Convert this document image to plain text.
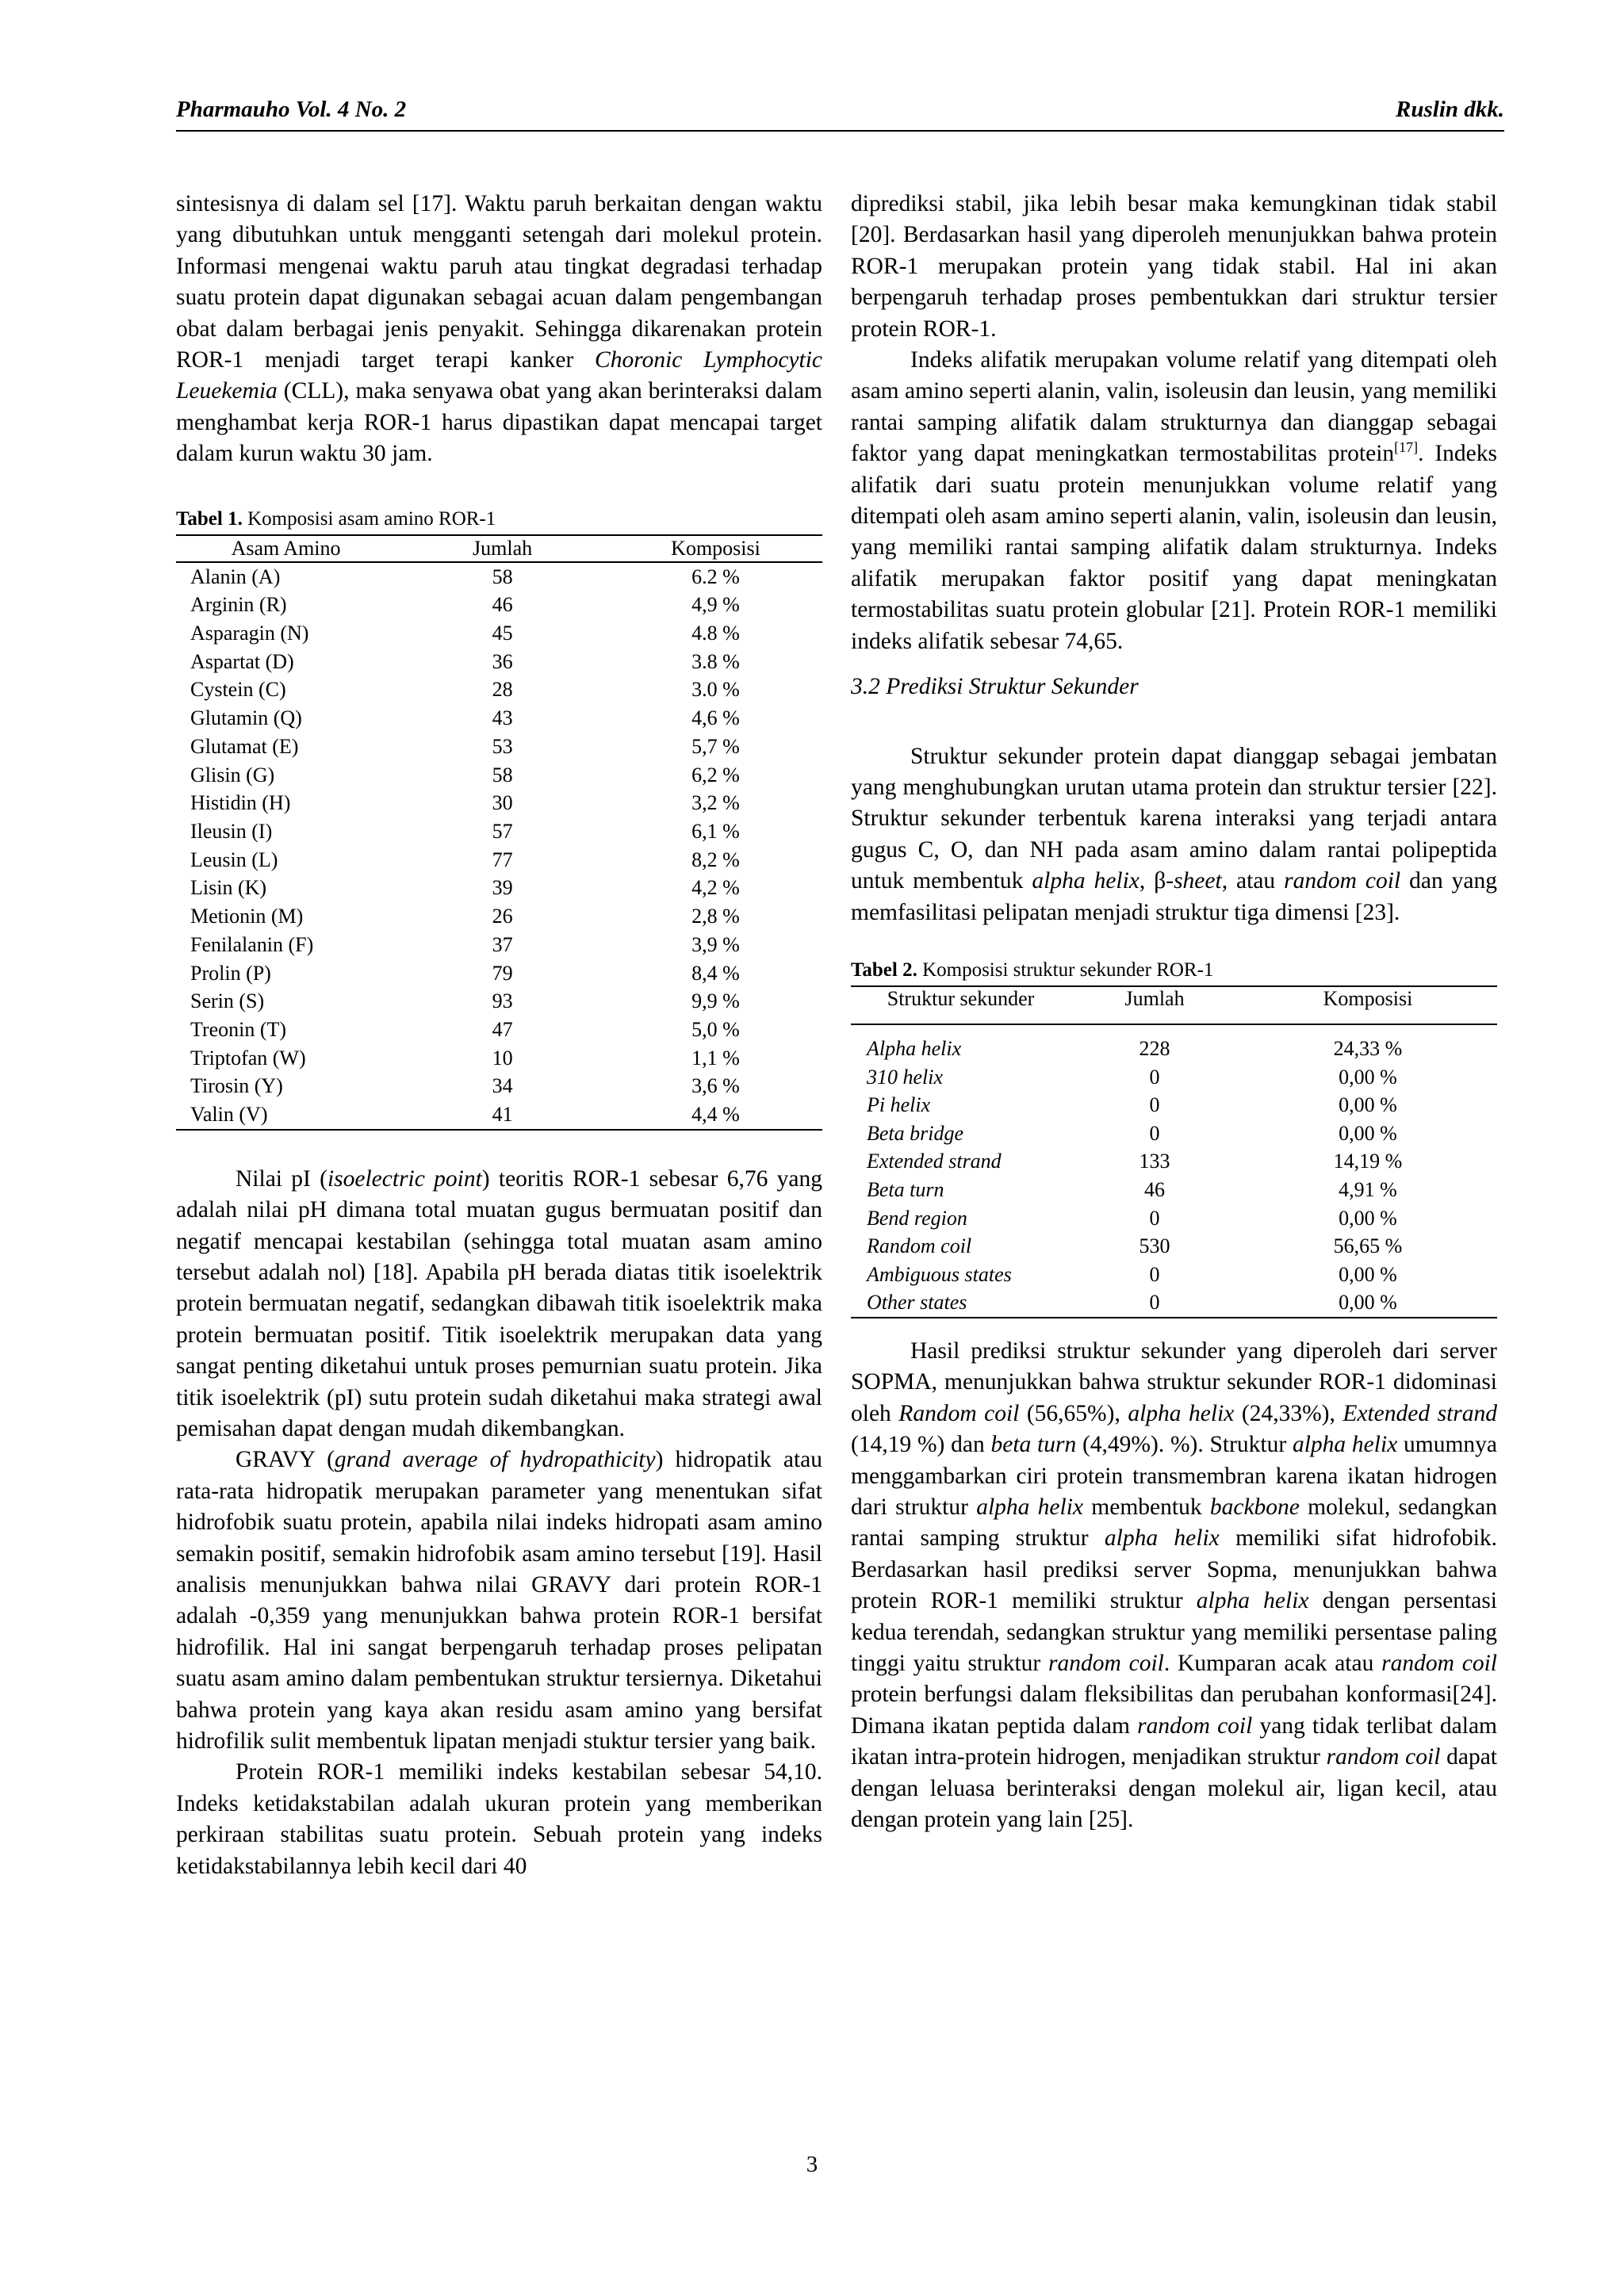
Pharmauho Vol. 4 No. 2	Ruslin dkk.

sintesisnya di dalam sel [17]. Waktu paruh berkaitan dengan waktu yang dibutuhkan untuk mengganti setengah dari molekul protein. Informasi mengenai waktu paruh atau tingkat degradasi terhadap suatu protein dapat digunakan sebagai acuan dalam pengembangan obat dalam berbagai jenis penyakit. Sehingga dikarenakan protein ROR-1 menjadi target terapi kanker Choronic Lymphocytic Leuekemia (CLL), maka senyawa obat yang akan berinteraksi dalam menghambat kerja ROR-1 harus dipastikan dapat mencapai target dalam kurun waktu 30 jam.

Tabel 1. Komposisi asam amino ROR-1
Asam Amino	Jumlah	Komposisi
Alanin (A)	58	6.2 %
Arginin (R)	46	4,9 %
Asparagin (N)	45	4.8 %
Aspartat (D)	36	3.8 %
Cystein (C)	28	3.0 %
Glutamin (Q)	43	4,6 %
Glutamat (E)	53	5,7 %
Glisin (G)	58	6,2 %
Histidin (H)	30	3,2 %
Ileusin (I)	57	6,1 %
Leusin (L)	77	8,2 %
Lisin (K)	39	4,2 %
Metionin (M)	26	2,8 %
Fenilalanin (F)	37	3,9 %
Prolin (P)	79	8,4 %
Serin (S)	93	9,9 %
Treonin (T)	47	5,0 %
Triptofan (W)	10	1,1 %
Tirosin (Y)	34	3,6 %
Valin (V)	41	4,4 %

Nilai pI (isoelectric point) teoritis ROR-1 sebesar 6,76 yang adalah nilai pH dimana total muatan gugus bermuatan positif dan negatif mencapai kestabilan (sehingga total muatan asam amino tersebut adalah nol) [18]. Apabila pH berada diatas titik isoelektrik protein bermuatan negatif, sedangkan dibawah titik isoelektrik maka protein bermuatan positif. Titik isoelektrik merupakan data yang sangat penting diketahui untuk proses pemurnian suatu protein. Jika titik isoelektrik (pI) sutu protein sudah diketahui maka strategi awal pemisahan dapat dengan mudah dikembangkan.

GRAVY (grand average of hydropathicity) hidropatik atau rata-rata hidropatik merupakan parameter yang menentukan sifat hidrofobik suatu protein, apabila nilai indeks hidropati asam amino semakin positif, semakin hidrofobik asam amino tersebut [19]. Hasil analisis menunjukkan bahwa nilai GRAVY dari protein ROR-1 adalah -0,359 yang menunjukkan bahwa protein ROR-1 bersifat hidrofilik. Hal ini sangat berpengaruh terhadap proses pelipatan suatu asam amino dalam pembentukan struktur tersiernya. Diketahui bahwa protein yang kaya akan residu asam amino yang bersifat hidrofilik sulit membentuk lipatan menjadi stuktur tersier yang baik.

Protein ROR-1 memiliki indeks kestabilan sebesar 54,10. Indeks ketidakstabilan adalah ukuran protein yang memberikan perkiraan stabilitas suatu protein. Sebuah protein yang indeks ketidakstabilannya lebih kecil dari 40

diprediksi stabil, jika lebih besar maka kemungkinan tidak stabil [20]. Berdasarkan hasil yang diperoleh menunjukkan bahwa protein ROR-1 merupakan protein yang tidak stabil. Hal ini akan berpengaruh terhadap proses pembentukkan dari struktur tersier protein ROR-1.

Indeks alifatik merupakan volume relatif yang ditempati oleh asam amino seperti alanin, valin, isoleusin dan leusin, yang memiliki rantai samping alifatik dalam strukturnya dan dianggap sebagai faktor yang dapat meningkatkan termostabilitas protein[17]. Indeks alifatik dari suatu protein menunjukkan volume relatif yang ditempati oleh asam amino seperti alanin, valin, isoleusin dan leusin, yang memiliki rantai samping alifatik dalam strukturnya. Indeks alifatik merupakan faktor positif yang dapat meningkatan termostabilitas suatu protein globular [21]. Protein ROR-1 memiliki indeks alifatik sebesar 74,65.

3.2 Prediksi Struktur Sekunder

Struktur sekunder protein dapat dianggap sebagai jembatan yang menghubungkan urutan utama protein dan struktur tersier [22]. Struktur sekunder terbentuk karena interaksi yang terjadi antara gugus C, O, dan NH pada asam amino dalam rantai polipeptida untuk membentuk alpha helix, β-sheet, atau random coil dan yang memfasilitasi pelipatan menjadi struktur tiga dimensi [23].

Tabel 2. Komposisi struktur sekunder ROR-1
Struktur sekunder	Jumlah	Komposisi
Alpha helix	228	24,33 %
310 helix	0	0,00 %
Pi helix	0	0,00 %
Beta bridge	0	0,00 %
Extended strand	133	14,19 %
Beta turn	46	4,91 %
Bend region	0	0,00 %
Random coil	530	56,65 %
Ambiguous states	0	0,00 %
Other states	0	0,00 %

Hasil prediksi struktur sekunder yang diperoleh dari server SOPMA, menunjukkan bahwa struktur sekunder ROR-1 didominasi oleh Random coil (56,65%), alpha helix (24,33%), Extended strand (14,19 %) dan beta turn (4,49%). %). Struktur alpha helix umumnya menggambarkan ciri protein transmembran karena ikatan hidrogen dari struktur alpha helix membentuk backbone molekul, sedangkan rantai samping struktur alpha helix memiliki sifat hidrofobik. Berdasarkan hasil prediksi server Sopma, menunjukkan bahwa protein ROR-1 memiliki struktur alpha helix dengan persentasi kedua terendah, sedangkan struktur yang memiliki persentase paling tinggi yaitu struktur random coil. Kumparan acak atau random coil protein berfungsi dalam fleksibilitas dan perubahan konformasi[24]. Dimana ikatan peptida dalam random coil yang tidak terlibat dalam ikatan intra-protein hidrogen, menjadikan struktur random coil dapat dengan leluasa berinteraksi dengan molekul air, ligan kecil, atau dengan protein yang lain [25].

3
